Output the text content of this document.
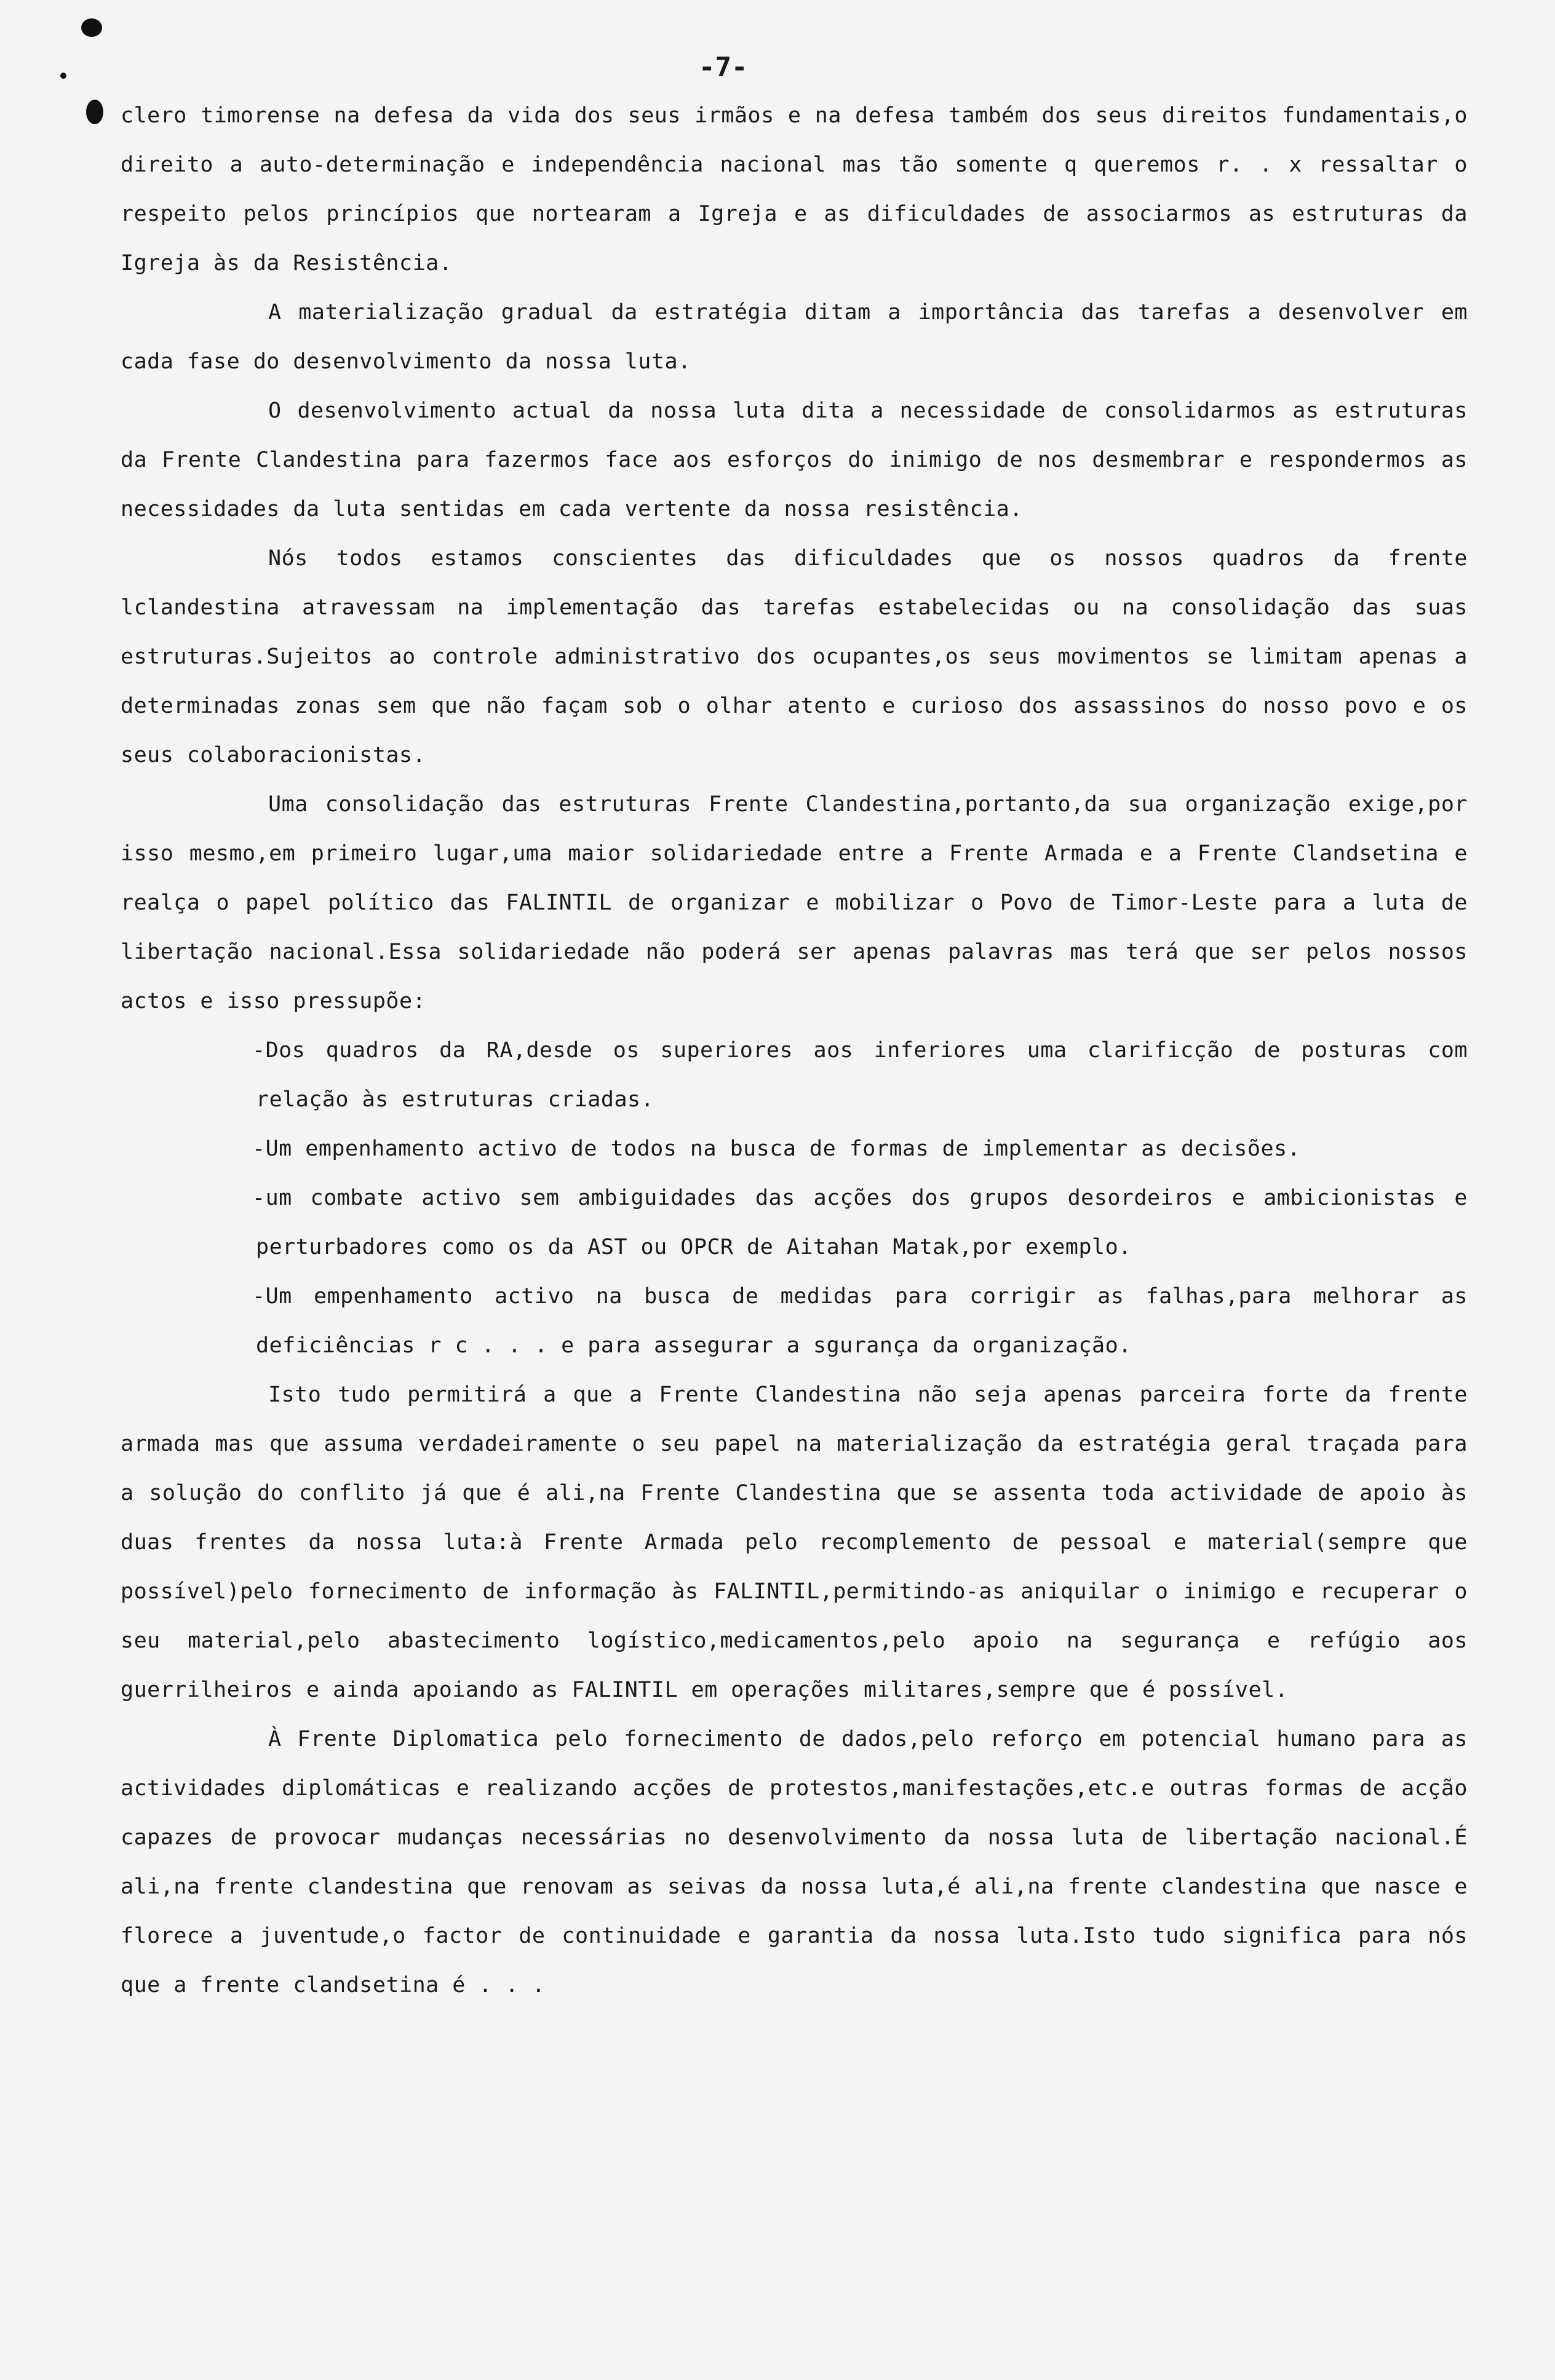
-7-

clero timorense na defesa da vida dos seus irmãos e na defesa também dos seus direitos fundamentais,o direito a auto-determinação e independência nacional mas tão somente q queremos r. . x ressaltar o respeito pelos princípios que nortearam a Igreja e as dificuldades de associarmos as estruturas da Igreja às da Resistência.

A materialização gradual da estratégia ditam a importância das tarefas a desenvolver em cada fase do desenvolvimento da nossa luta.

O desenvolvimento actual da nossa luta dita a necessidade de consolidarmos as estruturas da Frente Clandestina para fazermos face aos esforços do inimigo de nos desmembrar e respondermos as necessidades da luta sentidas em cada vertente da nossa resistência.

Nós todos estamos conscientes das dificuldades que os nossos quadros da frente lclandestina atravessam na implementação das tarefas estabelecidas ou na consolidação das suas estruturas.Sujeitos ao controle administrativo dos ocupantes,os seus movimentos se limitam apenas a determinadas zonas sem que não façam sob o olhar atento e curioso dos assassinos do nosso povo e os seus colaboracionistas.

Uma consolidação das estruturas Frente Clandestina,portanto,da sua organização exige,por isso mesmo,em primeiro lugar,uma maior solidariedade entre a Frente Armada e a Frente Clandsetina e realça o papel político das FALINTIL de organizar e mobilizar o Povo de Timor-Leste para a luta de libertação nacional.Essa solidariedade não poderá ser apenas palavras mas terá que ser pelos nossos actos e isso pressupõe:

-Dos quadros da RA,desde os superiores aos inferiores uma clarificção de posturas com relação às estruturas criadas.

-Um empenhamento activo de todos na busca de formas de implementar as decisões.

-um combate activo sem ambiguidades das acções dos grupos desordeiros e ambicionistas e perturbadores como os da AST ou OPCR de Aitahan Matak,por exemplo.

-Um empenhamento activo na busca de medidas para corrigir as falhas,para melhorar as deficiências r c . . . e para assegurar a sgurança da organização.

Isto tudo permitirá a que a Frente Clandestina não seja apenas parceira forte da frente armada mas que assuma verdadeiramente o seu papel na materialização da estratégia geral traçada para a solução do conflito já que é ali,na Frente Clandestina que se assenta toda actividade de apoio às duas frentes da nossa luta:à Frente Armada pelo recomplemento de pessoal e material(sempre que possível)pelo fornecimento de informação às FALINTIL,permitindo-as aniquilar o inimigo e recuperar o seu material,pelo abastecimento logístico,medicamentos,pelo apoio na segurança e refúgio aos guerrilheiros e ainda apoiando as FALINTIL em operações militares,sempre que é possível.

À Frente Diplomatica pelo fornecimento de dados,pelo reforço em potencial humano para as actividades diplomáticas e realizando acções de protestos,manifestações,etc.e outras formas de acção capazes de provocar mudanças necessárias no desenvolvimento da nossa luta de libertação nacional.É ali,na frente clandestina que renovam as seivas da nossa luta,é ali,na frente clandestina que nasce e florece a juventude,o factor de continuidade e garantia da nossa luta.Isto tudo significa para nós que a frente clandsetina é . . .
